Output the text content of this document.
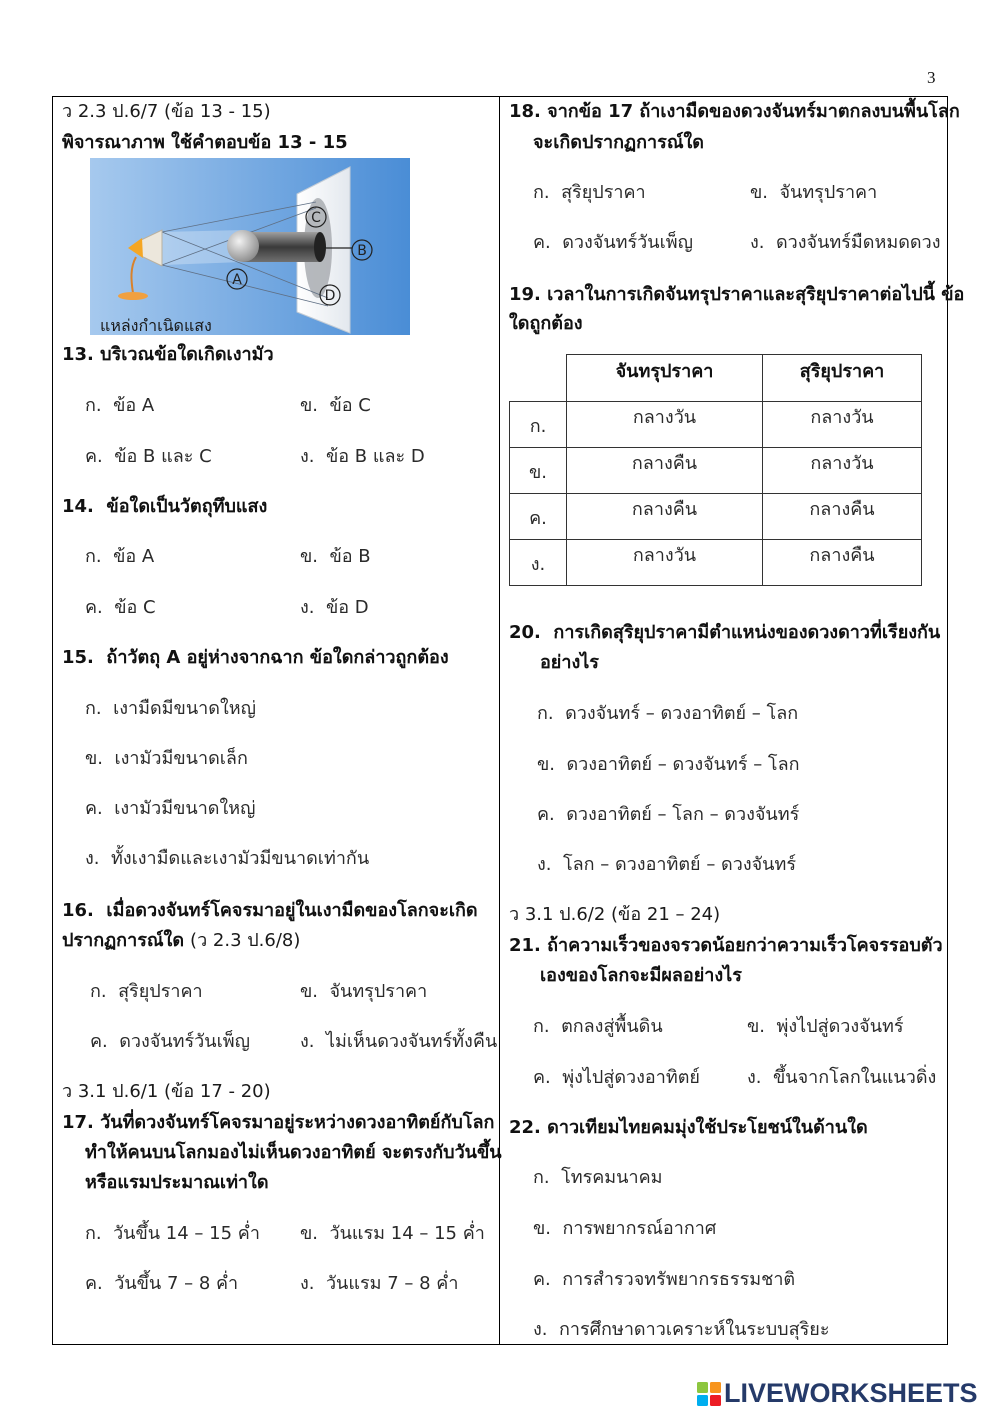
3
ว 2.3 ป.6/7 (ข้อ 13 - 15)
พิจารณาภาพ ใช้คำตอบข้อ 13 - 15
C
B
A
D
แหล่งกำเนิดแสง
13. บริเวณข้อใดเกิดเงามัว
ก.  ข้อ A	ข.  ข้อ C
ค.  ข้อ B และ C	ง.  ข้อ B และ D
14.  ข้อใดเป็นวัตถุทึบแสง
ก.  ข้อ A	ข.  ข้อ B
ค.  ข้อ C	ง.  ข้อ D
15.  ถ้าวัตถุ A อยู่ห่างจากฉาก ข้อใดกล่าวถูกต้อง
ก.  เงามืดมีขนาดใหญ่
ข.  เงามัวมีขนาดเล็ก
ค.  เงามัวมีขนาดใหญ่
ง.  ทั้งเงามืดและเงามัวมีขนาดเท่ากัน
16.  เมื่อดวงจันทร์โคจรมาอยู่ในเงามืดของโลกจะเกิด
ปรากฏการณ์ใด (ว 2.3 ป.6/8)
ก.  สุริยุปราคา	ข.  จันทรุปราคา
ค.  ดวงจันทร์วันเพ็ญ	ง.  ไม่เห็นดวงจันทร์ทั้งคืน
ว 3.1 ป.6/1 (ข้อ 17 - 20)
17. วันที่ดวงจันทร์โคจรมาอยู่ระหว่างดวงอาทิตย์กับโลก
ทำให้คนบนโลกมองไม่เห็นดวงอาทิตย์ จะตรงกับวันขึ้น
หรือแรมประมาณเท่าใด
ก.  วันขึ้น 14 – 15 ค่ำ ข.  วันแรม 14 – 15 ค่ำ
ค.  วันขึ้น 7 – 8 ค่ำ	ง.  วันแรม 7 – 8 ค่ำ
18. จากข้อ 17 ถ้าเงามืดของดวงจันทร์มาตกลงบนพื้นโลก
จะเกิดปรากฏการณ์ใด
ก.  สุริยุปราคา	ข.  จันทรุปราคา
ค.  ดวงจันทร์วันเพ็ญ	ง.  ดวงจันทร์มืดหมดดวง
19. เวลาในการเกิดจันทรุปราคาและสุริยุปราคาต่อไปนี้ ข้อ
ใดถูกต้อง
	จันทรุปราคา	สุริยุปราคา
ก.	กลางวัน	กลางวัน
ข.	กลางคืน	กลางวัน
ค.	กลางคืน	กลางคืน
ง.	กลางวัน	กลางคืน
20.  การเกิดสุริยุปราคามีตำแหน่งของดวงดาวที่เรียงกัน
อย่างไร
ก.  ดวงจันทร์ – ดวงอาทิตย์ – โลก
ข.  ดวงอาทิตย์ – ดวงจันทร์ – โลก
ค.  ดวงอาทิตย์ – โลก – ดวงจันทร์
ง.  โลก – ดวงอาทิตย์ – ดวงจันทร์
ว 3.1 ป.6/2 (ข้อ 21 – 24)
21. ถ้าความเร็วของจรวดน้อยกว่าความเร็วโคจรรอบตัว
เองของโลกจะมีผลอย่างไร
ก.  ตกลงสู่พื้นดิน	ข.  พุ่งไปสู่ดวงจันทร์
ค.  พุ่งไปสู่ดวงอาทิตย์	ง.  ขึ้นจากโลกในแนวดิ่ง
22. ดาวเทียมไทยคมมุ่งใช้ประโยชน์ในด้านใด
ก.  โทรคมนาคม
ข.  การพยากรณ์อากาศ
ค.  การสำรวจทรัพยากรธรรมชาติ
ง.  การศึกษาดาวเคราะห์ในระบบสุริยะ
LIVEWORKSHEETS
